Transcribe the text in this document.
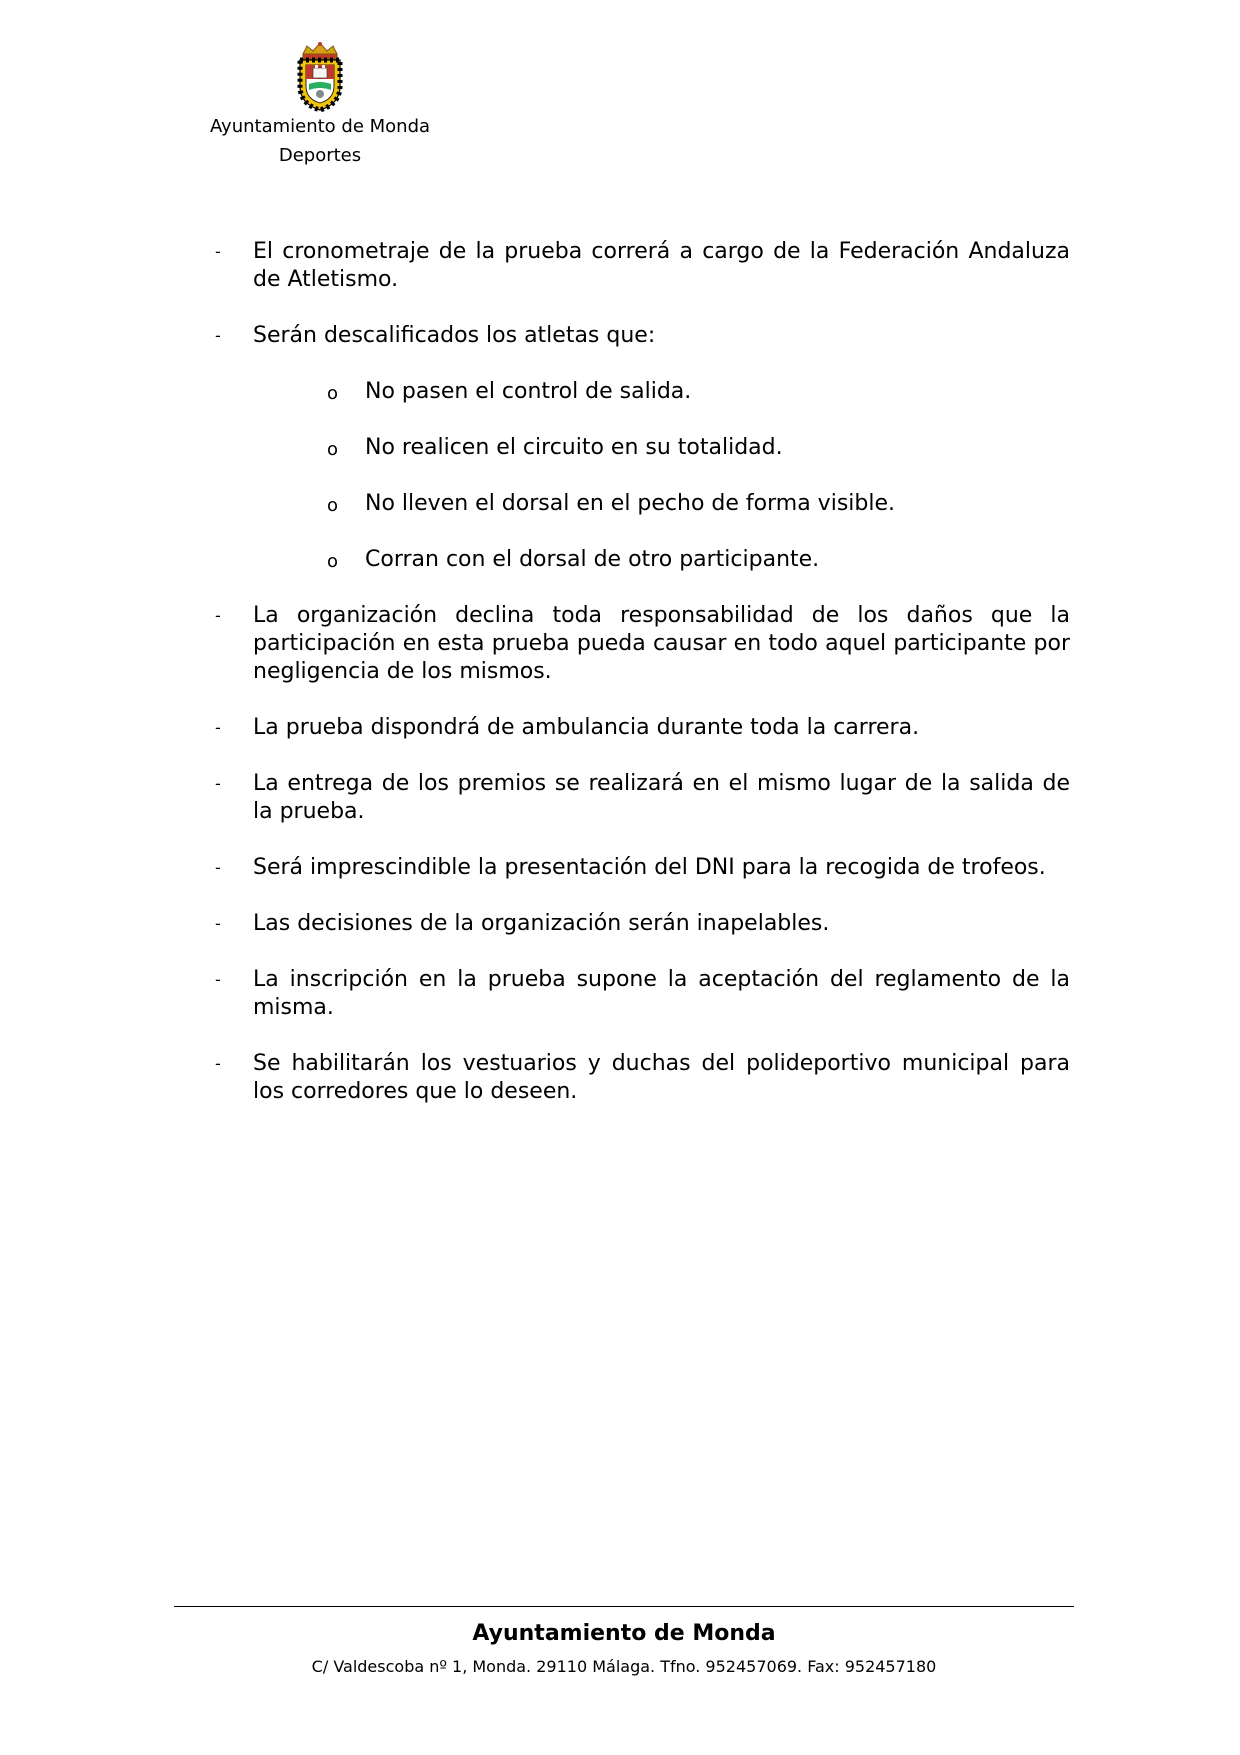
Ayuntamiento de Monda
Deportes
- El cronometraje de la prueba correrá a cargo de la Federación Andaluza de Atletismo.
- Serán descalificados los atletas que:
o No pasen el control de salida.
o No realicen el circuito en su totalidad.
o No lleven el dorsal en el pecho de forma visible.
o Corran con el dorsal de otro participante.
- La organización declina toda responsabilidad de los daños que la participación en esta prueba pueda causar en todo aquel participante por negligencia de los mismos.
- La prueba dispondrá de ambulancia durante toda la carrera.
- La entrega de los premios se realizará en el mismo lugar de la salida de la prueba.
- Será imprescindible la presentación del DNI para la recogida de trofeos.
- Las decisiones de la organización serán inapelables.
- La inscripción en la prueba supone la aceptación del reglamento de la misma.
- Se habilitarán los vestuarios y duchas del polideportivo municipal para los corredores que lo deseen.
Ayuntamiento de Monda
C/ Valdescoba nº 1, Monda. 29110 Málaga. Tfno. 952457069. Fax: 952457180
